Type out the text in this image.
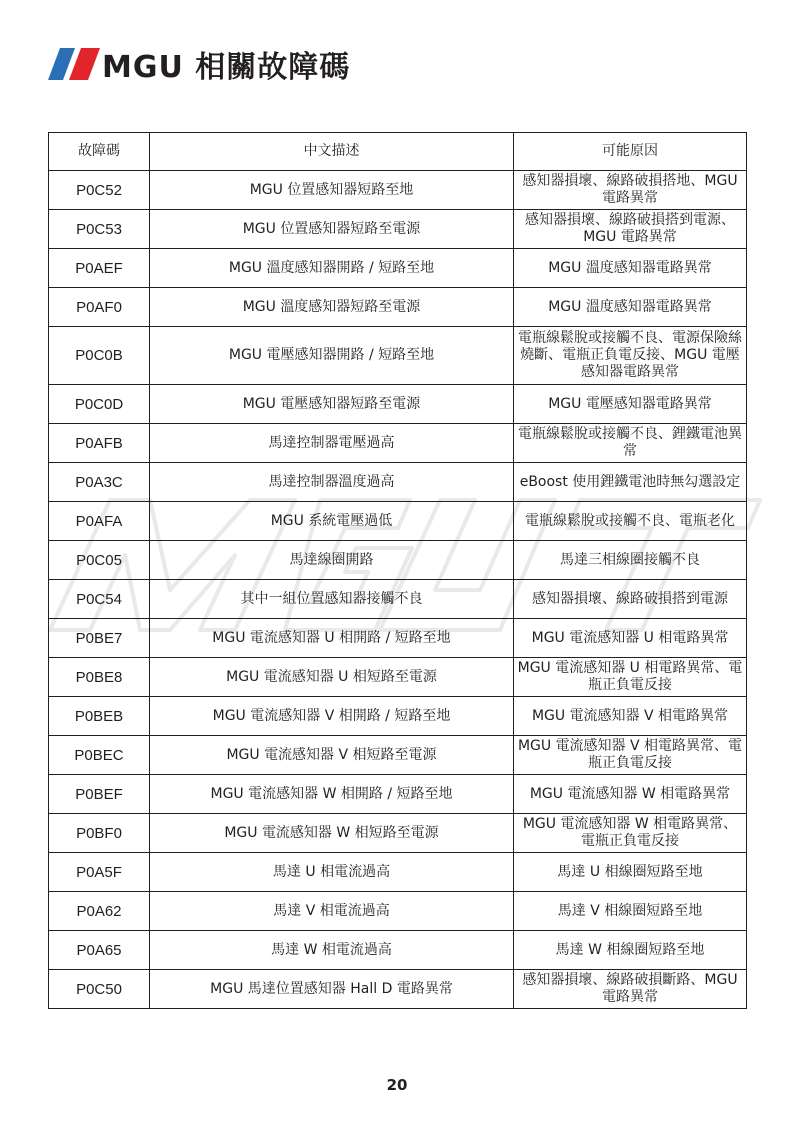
MGU 相關故障碼
故障碼	中文描述	可能原因
P0C52	MGU 位置感知器短路至地	感知器損壞、線路破損搭地、MGU 電路異常
P0C53	MGU 位置感知器短路至電源	感知器損壞、線路破損搭到電源、MGU 電路異常
P0AEF	MGU 溫度感知器開路 / 短路至地	MGU 溫度感知器電路異常
P0AF0	MGU 溫度感知器短路至電源	MGU 溫度感知器電路異常
P0C0B	MGU 電壓感知器開路 / 短路至地	電瓶線鬆脫或接觸不良、電源保險絲燒斷、電瓶正負電反接、MGU 電壓感知器電路異常
P0C0D	MGU 電壓感知器短路至電源	MGU 電壓感知器電路異常
P0AFB	馬達控制器電壓過高	電瓶線鬆脫或接觸不良、鋰鐵電池異常
P0A3C	馬達控制器溫度過高	eBoost 使用鋰鐵電池時無勾選設定
P0AFA	MGU 系統電壓過低	電瓶線鬆脫或接觸不良、電瓶老化
P0C05	馬達線圈開路	馬達三相線圈接觸不良
P0C54	其中一組位置感知器接觸不良	感知器損壞、線路破損搭到電源
P0BE7	MGU 電流感知器 U 相開路 / 短路至地	MGU 電流感知器 U 相電路異常
P0BE8	MGU 電流感知器 U 相短路至電源	MGU 電流感知器 U 相電路異常、電瓶正負電反接
P0BEB	MGU 電流感知器 V 相開路 / 短路至地	MGU 電流感知器 V 相電路異常
P0BEC	MGU 電流感知器 V 相短路至電源	MGU 電流感知器 V 相電路異常、電瓶正負電反接
P0BEF	MGU 電流感知器 W 相開路 / 短路至地	MGU 電流感知器 W 相電路異常
P0BF0	MGU 電流感知器 W 相短路至電源	MGU 電流感知器 W 相電路異常、電瓶正負電反接
P0A5F	馬達 U 相電流過高	馬達 U 相線圈短路至地
P0A62	馬達 V 相電流過高	馬達 V 相線圈短路至地
P0A65	馬達 W 相電流過高	馬達 W 相線圈短路至地
P0C50	MGU 馬達位置感知器 Hall D 電路異常	感知器損壞、線路破損斷路、MGU 電路異常
20
